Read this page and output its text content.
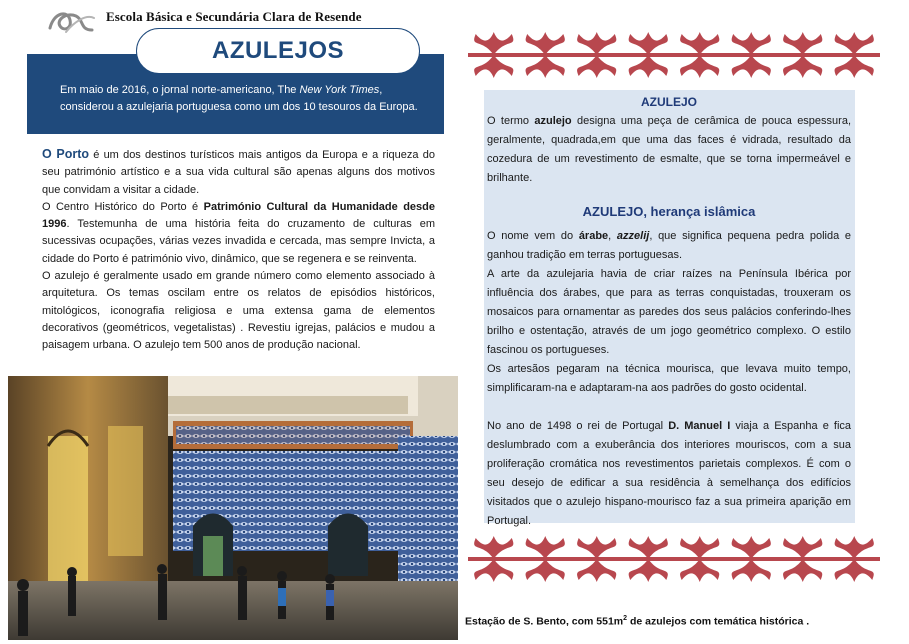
Escola Básica e Secundária Clara de Resende
AZULEJOS
Em maio de 2016, o jornal norte-americano, The New York Times, considerou a azulejaria portuguesa como um dos 10 tesouros da Europa.

O Porto é um dos destinos turísticos mais antigos da Europa e a riqueza do seu património artístico e a sua vida cultural são apenas alguns dos motivos que convidam a visitar a cidade.

O Centro Histórico do Porto é Património Cultural da Humanidade desde 1996. Testemunha de uma história feita do cruzamento de culturas em sucessivas ocupações, várias vezes invadida e cercada, mas sempre Invicta, a cidade do Porto é património vivo, dinâmico, que se regenera e se reinventa.

O azulejo é geralmente usado em grande número como elemento associado à arquitetura. Os temas oscilam entre os relatos de episódios históricos, mitológicos, iconografia religiosa e uma extensa gama de elementos decorativos (geométricos, vegetalistas) . Revestiu igrejas, palácios e mudou a paisagem urbana. O azulejo tem 500 anos de produção nacional.

Estação de S. Bento, com $551m^2$ de azulejos com temática histórica .

AZULEJO

O termo azulejo designa uma peça de cerâmica de pouca espessura, geralmente, quadrada,em que uma das faces é vidrada, resultado da cozedura de um revestimento de esmalte, que se torna impermeável e brilhante.

AZULEJO, herança islâmica

O nome vem do árabe, azzelij, que significa pequena pedra polida e ganhou tradição em terras portuguesas.

A arte da azulejaria havia de criar raízes na Península Ibérica por influência dos árabes, que para as terras conquistadas, trouxeram os mosaicos para ornamentar as paredes dos seus palácios conferindo-lhes brilho e ostentação, através de um jogo geométrico complexo. O estilo fascinou os portugueses.

Os artesãos pegaram na técnica mourisca, que levava muito tempo, simplificaram-na e adaptaram-na aos padrões do gosto ocidental.

No ano de 1498 o rei de Portugal D. Manuel I viaja a Espanha e fica deslumbrado com a exuberância dos interiores mouriscos, com a sua proliferação cromática nos revestimentos parietais complexos. É com o seu desejo de edificar a sua residência à semelhança dos edifícios visitados que o azulejo hispano-mourisco faz a sua primeira aparição em Portugal.
